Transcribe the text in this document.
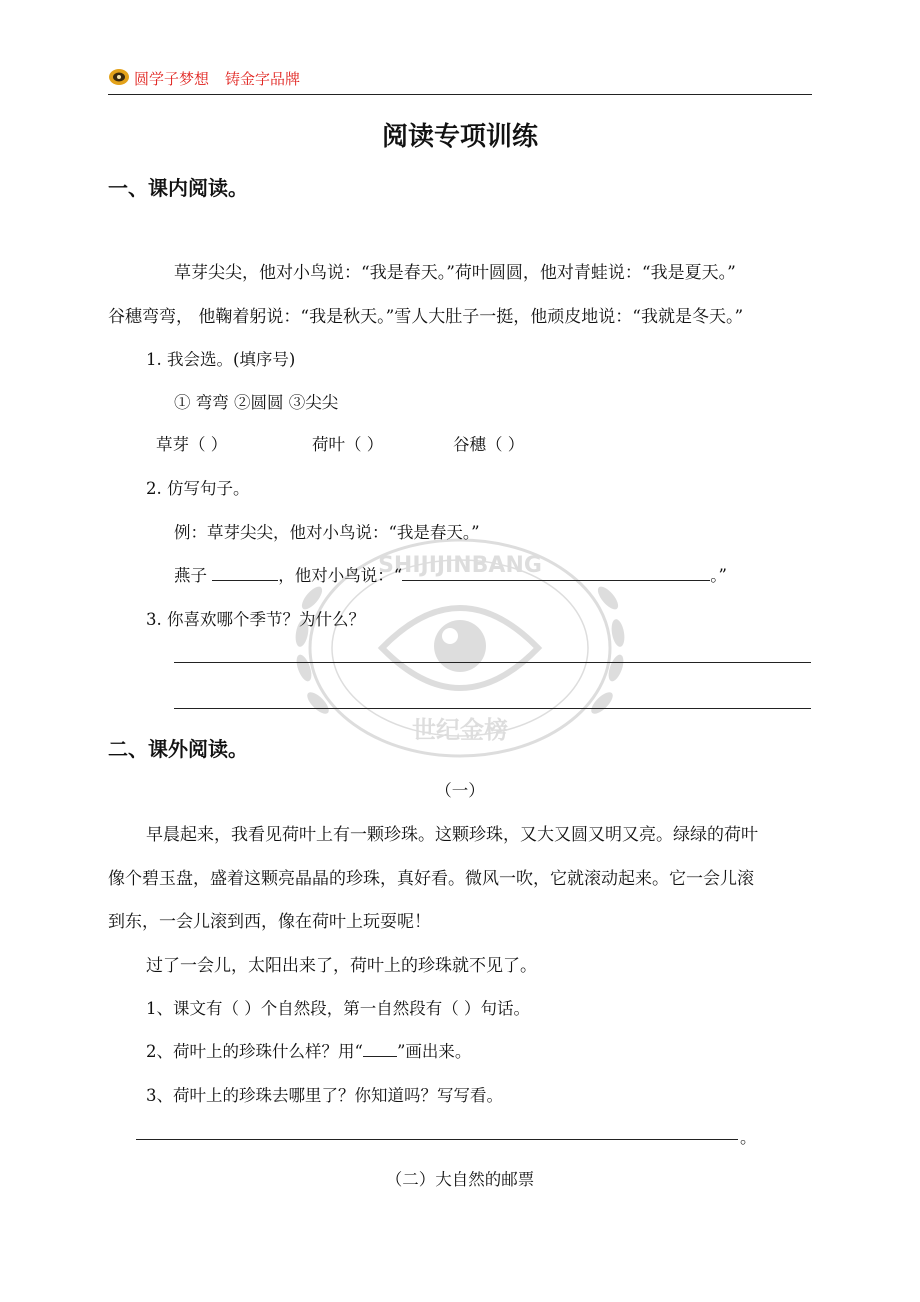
圆学子梦想 铸金字品牌
SHIJIJINBANG
世纪金榜
阅读专项训练
一、课内阅读。
草芽尖尖，他对小鸟说：“我是春天。”荷叶圆圆，他对青蛙说：“我是夏天。”
谷穗弯弯， 他鞠着躬说：“我是秋天。”雪人大肚子一挺，他顽皮地说：“我就是冬天。”
1. 我会选。(填序号)
① 弯弯 ②圆圆 ③尖尖
草芽（ ）	荷叶（ ）	谷穗（ ）
2. 仿写句子。
例：草芽尖尖，他对小鸟说：“我是春天。”
燕子	，他对小鸟说：“	。”
3. 你喜欢哪个季节？为什么？
二、课外阅读。
（一）
早晨起来，我看见荷叶上有一颗珍珠。这颗珍珠，又大又圆又明又亮。绿绿的荷叶
像个碧玉盘，盛着这颗亮晶晶的珍珠，真好看。微风一吹，它就滚动起来。它一会儿滚
到东，一会儿滚到西，像在荷叶上玩耍呢！
过了一会儿，太阳出来了，荷叶上的珍珠就不见了。
1、课文有（ ）个自然段，第一自然段有（ ）句话。
2、荷叶上的珍珠什么样？用“ ”画出来。
3、荷叶上的珍珠去哪里了？你知道吗？写写看。
。
（二）大自然的邮票
